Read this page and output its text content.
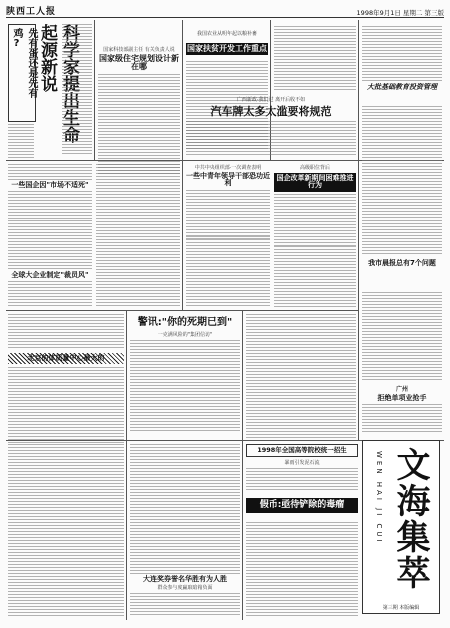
陕西工人报	1998年9月1日 星期二 第三版
先有蛋还是先有鸡?	科学家提出生命起源新说	国家科技部副主任 有关负责人说
国家级住宅规划设计新在哪
我国农业从明年起以粮补畜
国家扶贫开发工作重点
广西新政·我们过 离开后收不如
汽车牌太多太滥要将规范
大批基础教育投资管理
一些国企因"市场不适死"
全球大企业制定"裁员风"
中共中央组织部·一次调查表明
一些中青年领导干部恐功近利
高级职位背后
国企改革新期间困难推进行为
我市晨报总有7个问题
广州
拒绝单项业抢手
北京的体质量中心最大的
警讯:"你的死期已到"
一克满风险的"集团信访"
大连奖券誉名华胜有为人胜
群众参与度赢取暗箱负面
1998年全国高等院校统一招生
暴雨引发泥石流
假币:亟待铲除的毒瘤	WEN HAI JI CUI 文海集萃
第三期 本版编辑
